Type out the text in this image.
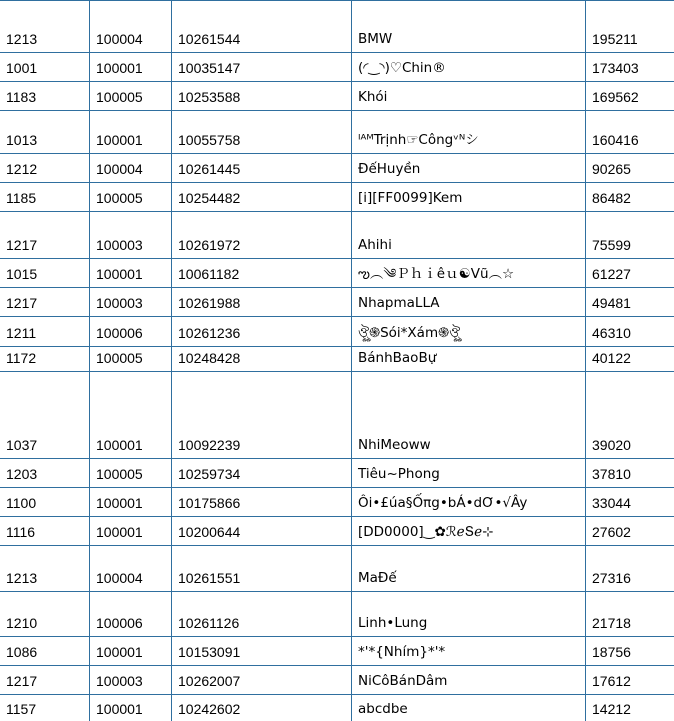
1213	100004	10261544	BMW	195211
1001	100001	10035147	(◜‿◝)♡Chin®	173403
1183	100005	10253588	Khói	169562
1013	100001	10055758	ᴵᴬᴹTrịnh☞Côngᵛᴺシ	160416
1212	100004	10261445	ĐếHuyền	90265
1185	100005	10254482	[i][FF0099]Kem	86482
1217	100003	10261972	Ahihi	75599
1015	100001	10061182	ఌ︵༄Ｐｈｉêｕ☯Vũ︵☆	61227
1217	100003	10261988	NhapmaLLA	49481
1211	100006	10261236	ঔৣ֍Sói*Xám֍ঔৣ	46310
1172	100005	10248428	BánhBaoBự	40122
1037	100001	10092239	NhiMeoww	39020
1203	100005	10259734	Tiêu~Phong	37810
1100	100001	10175866	Ôi•£úa§Ốπg•bÁ•dƠ•√Ây	33044
1116	100001	10200644	[DD0000]‿✿ℛℯՏℯ⊹	27602
1213	100004	10261551	MaĐế	27316
1210	100006	10261126	Linh•Lung	21718
1086	100001	10153091	*'*{Nhím}*'*	18756
1217	100003	10262007	NiCôBánDâm	17612
1157	100001	10242602	abcdbe	14212
